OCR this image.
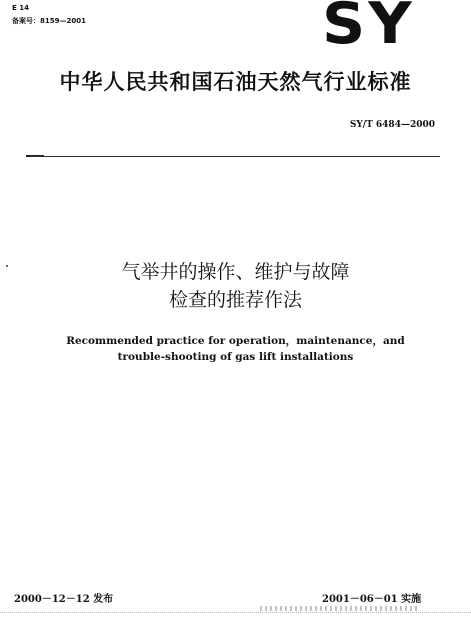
E 14
备案号：8159—2001	SY
中华人民共和国石油天然气行业标准
SY/T 6484—2000
气举井的操作、维护与故障
检查的推荐作法
Recommended practice for operation，maintenance，and
trouble-shooting of gas lift installations
2000－12－12 发布	2001－06－01 实施
